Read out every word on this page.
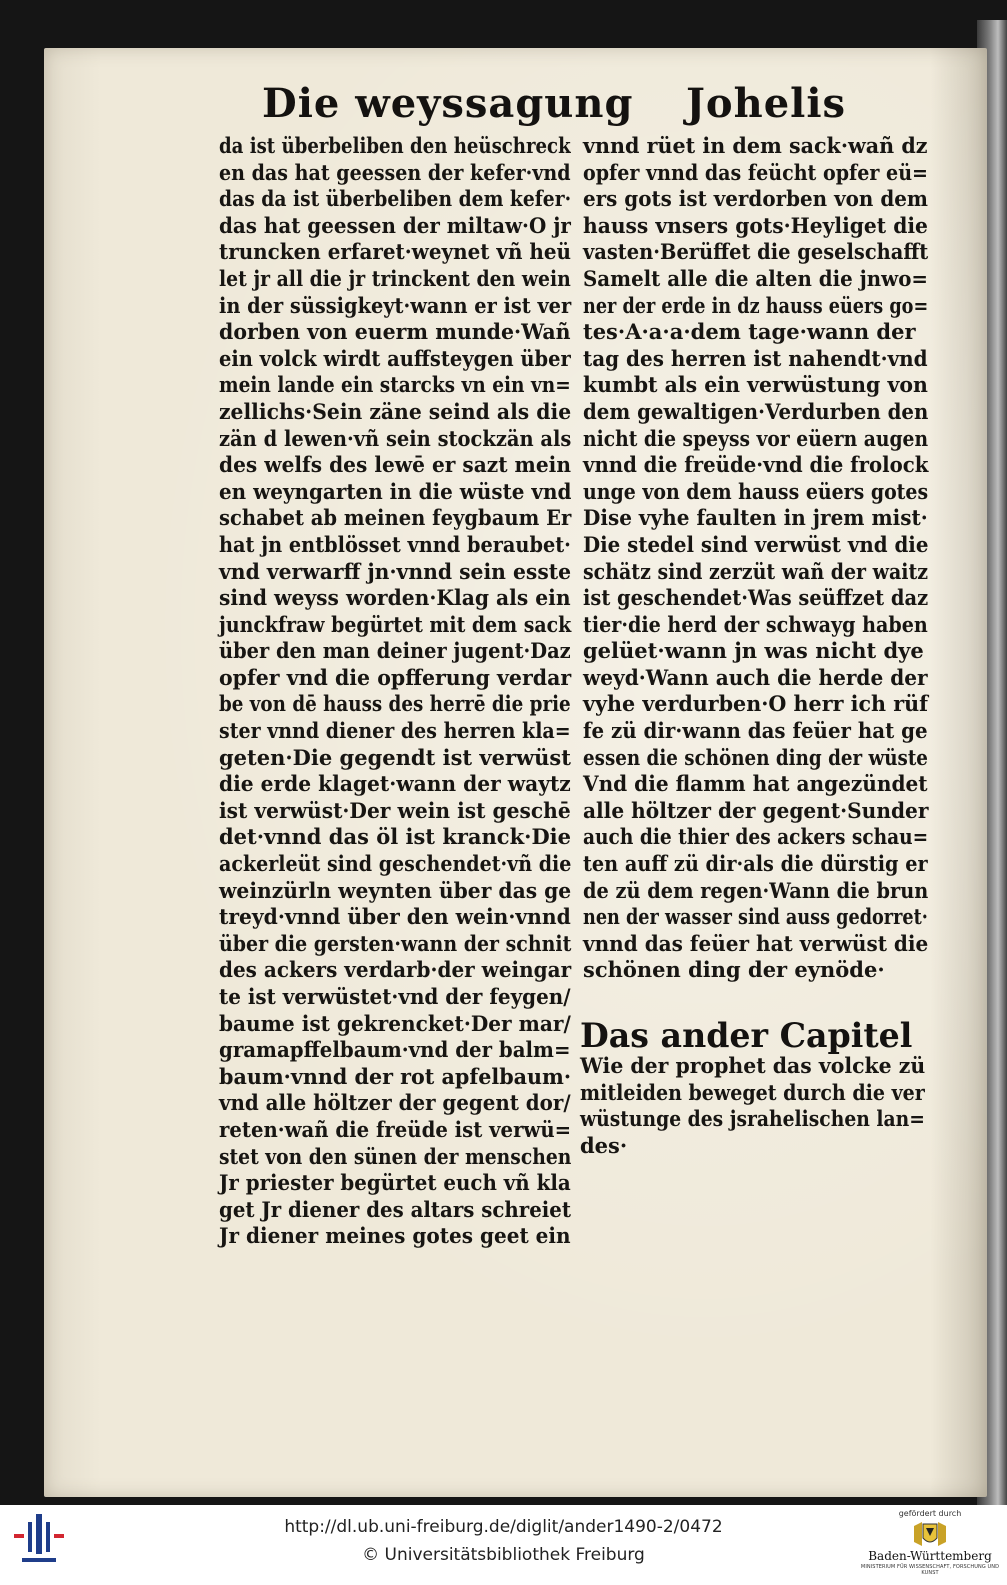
Die weyssagung Johelis
da ist überbeliben den heüschreck
en das hat geessen der kefer·vnd
das da ist überbeliben dem kefer·
das hat geessen der miltaw·O jr
truncken erfaret·weynet vñ heü
let jr all die jr trinckent den wein
in der süssigkeyt·wann er ist ver
dorben von euerm munde·Wañ
ein volck wirdt auffsteygen über
mein lande ein starcks vn ein vn=
zellichs·Sein zäne seind als die
zän d lewen·vñ sein stockzän als
des welfs des lewē er sazt mein
en weyngarten in die wüste vnd
schabet ab meinen feygbaum Er
hat jn entblösset vnnd beraubet·
vnd verwarff jn·vnnd sein esste
sind weyss worden·Klag als ein
junckfraw begürtet mit dem sack
über den man deiner jugent·Daz
opfer vnd die opfferung verdar
be von dē hauss des herrē die prie
ster vnnd diener des herren kla=
geten·Die gegendt ist verwüst
die erde klaget·wann der waytz
ist verwüst·Der wein ist geschē
det·vnnd das öl ist kranck·Die
ackerleüt sind geschendet·vñ die
weinzürln weynten über das ge
treyd·vnnd über den wein·vnnd
über die gersten·wann der schnit
des ackers verdarb·der weingar
te ist verwüstet·vnd der feygen/
baume ist gekrencket·Der mar/
gramapffelbaum·vnd der balm=
baum·vnnd der rot apfelbaum·
vnd alle höltzer der gegent dor/
reten·wañ die freüde ist verwü=
stet von den sünen der menschen
Jr priester begürtet euch vñ kla
get Jr diener des altars schreiet
Jr diener meines gotes geet ein
vnnd rüet in dem sack·wañ dz
opfer vnnd das feücht opfer eü=
ers gots ist verdorben von dem
hauss vnsers gots·Heyliget die
vasten·Berüffet die geselschafft
Samelt alle die alten die jnwo=
ner der erde in dz hauss eüers go=
tes·A·a·a·dem tage·wann der
tag des herren ist nahendt·vnd
kumbt als ein verwüstung von
dem gewaltigen·Verdurben den
nicht die speyss vor eüern augen
vnnd die freüde·vnd die frolock
unge von dem hauss eüers gotes
Dise vyhe faulten in jrem mist·
Die stedel sind verwüst vnd die
schätz sind zerzüt wañ der waitz
ist geschendet·Was seüffzet daz
tier·die herd der schwayg haben
gelüet·wann jn was nicht dye
weyd·Wann auch die herde der
vyhe verdurben·O herr ich rüf
fe zü dir·wann das feüer hat ge
essen die schönen ding der wüste
Vnd die flamm hat angezündet
alle höltzer der gegent·Sunder
auch die thier des ackers schau=
ten auff zü dir·als die dürstig er
de zü dem regen·Wann die brun
nen der wasser sind auss gedorret·
vnnd das feüer hat verwüst die
schönen ding der eynöde·
Das ander Capitel
Wie der prophet das volcke zü
mitleiden beweget durch die ver
wüstunge des jsrahelischen lan=
des·
http://dl.ub.uni-freiburg.de/diglit/ander1490-2/0472
© Universitätsbibliothek Freiburg
gefördert durch
Baden-Württemberg
MINISTERIUM FÜR WISSENSCHAFT, FORSCHUNG UND KUNST
